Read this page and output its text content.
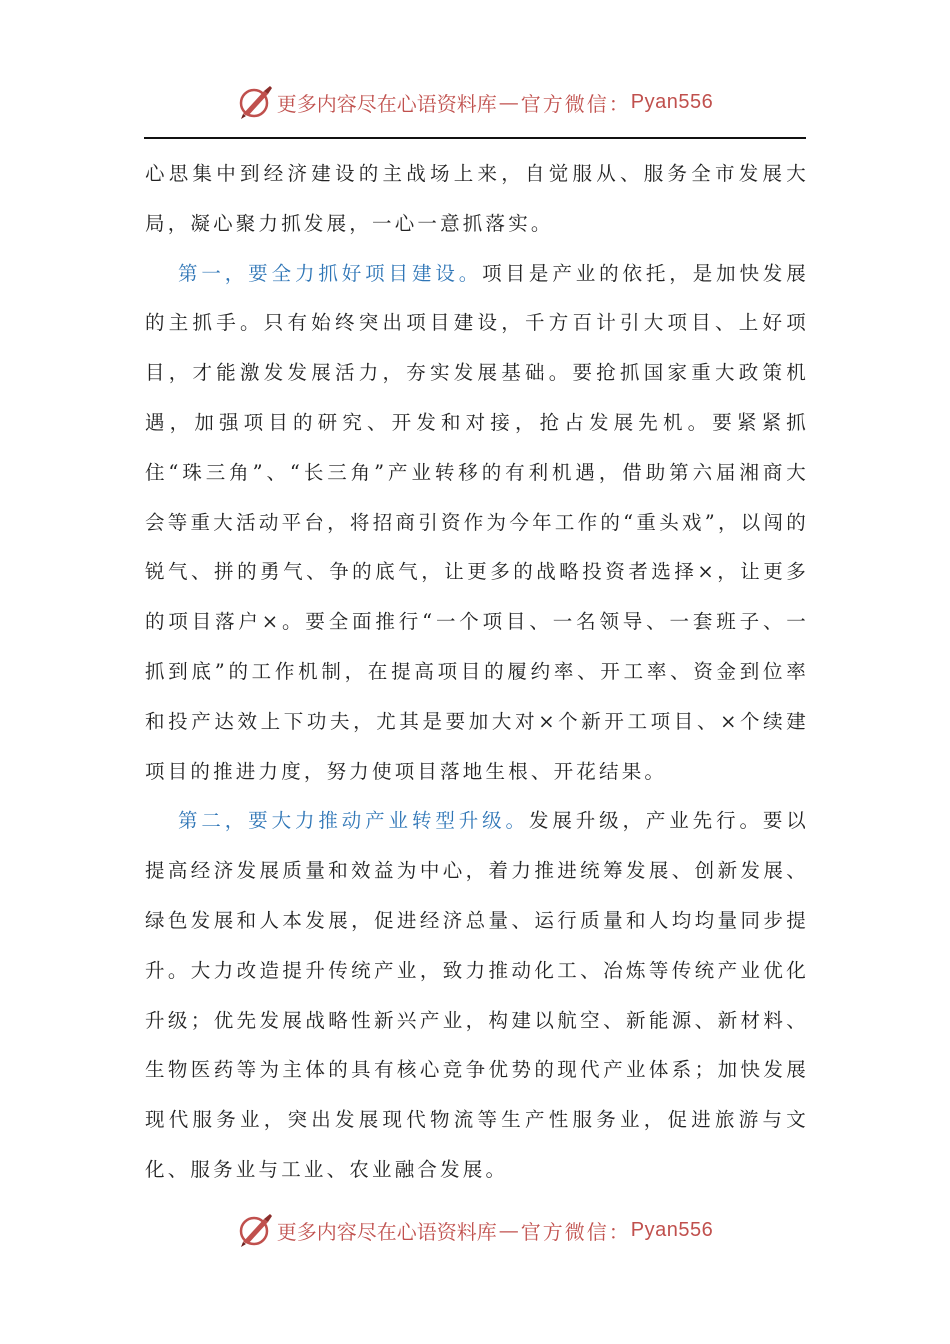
更多内容尽在心语资料库 — 官方微信： Pyan556

心思集中到经济建设的主战场上来，自觉服从、服务全市发展大局，凝心聚力抓发展，一心一意抓落实。

第一，要全力抓好项目建设。项目是产业的依托，是加快发展的主抓手。只有始终突出项目建设，千方百计引大项目、上好项目，才能激发发展活力，夯实发展基础。要抢抓国家重大政策机遇，加强项目的研究、开发和对接，抢占发展先机。要紧紧抓住“珠三角”、“长三角”产业转移的有利机遇，借助第六届湘商大会等重大活动平台，将招商引资作为今年工作的“重头戏”，以闯的锐气、拼的勇气、争的底气，让更多的战略投资者选择×，让更多的项目落户×。要全面推行“一个项目、一名领导、一套班子、一抓到底”的工作机制，在提高项目的履约率、开工率、资金到位率和投产达效上下功夫，尤其是要加大对×个新开工项目、×个续建项目的推进力度，努力使项目落地生根、开花结果。

第二，要大力推动产业转型升级。发展升级，产业先行。要以提高经济发展质量和效益为中心，着力推进统筹发展、创新发展、绿色发展和人本发展，促进经济总量、运行质量和人均均量同步提升。大力改造提升传统产业，致力推动化工、冶炼等传统产业优化升级；优先发展战略性新兴产业，构建以航空、新能源、新材料、生物医药等为主体的具有核心竞争优势的现代产业体系；加快发展现代服务业，突出发展现代物流等生产性服务业，促进旅游与文化、服务业与工业、农业融合发展。

更多内容尽在心语资料库 — 官方微信： Pyan556
